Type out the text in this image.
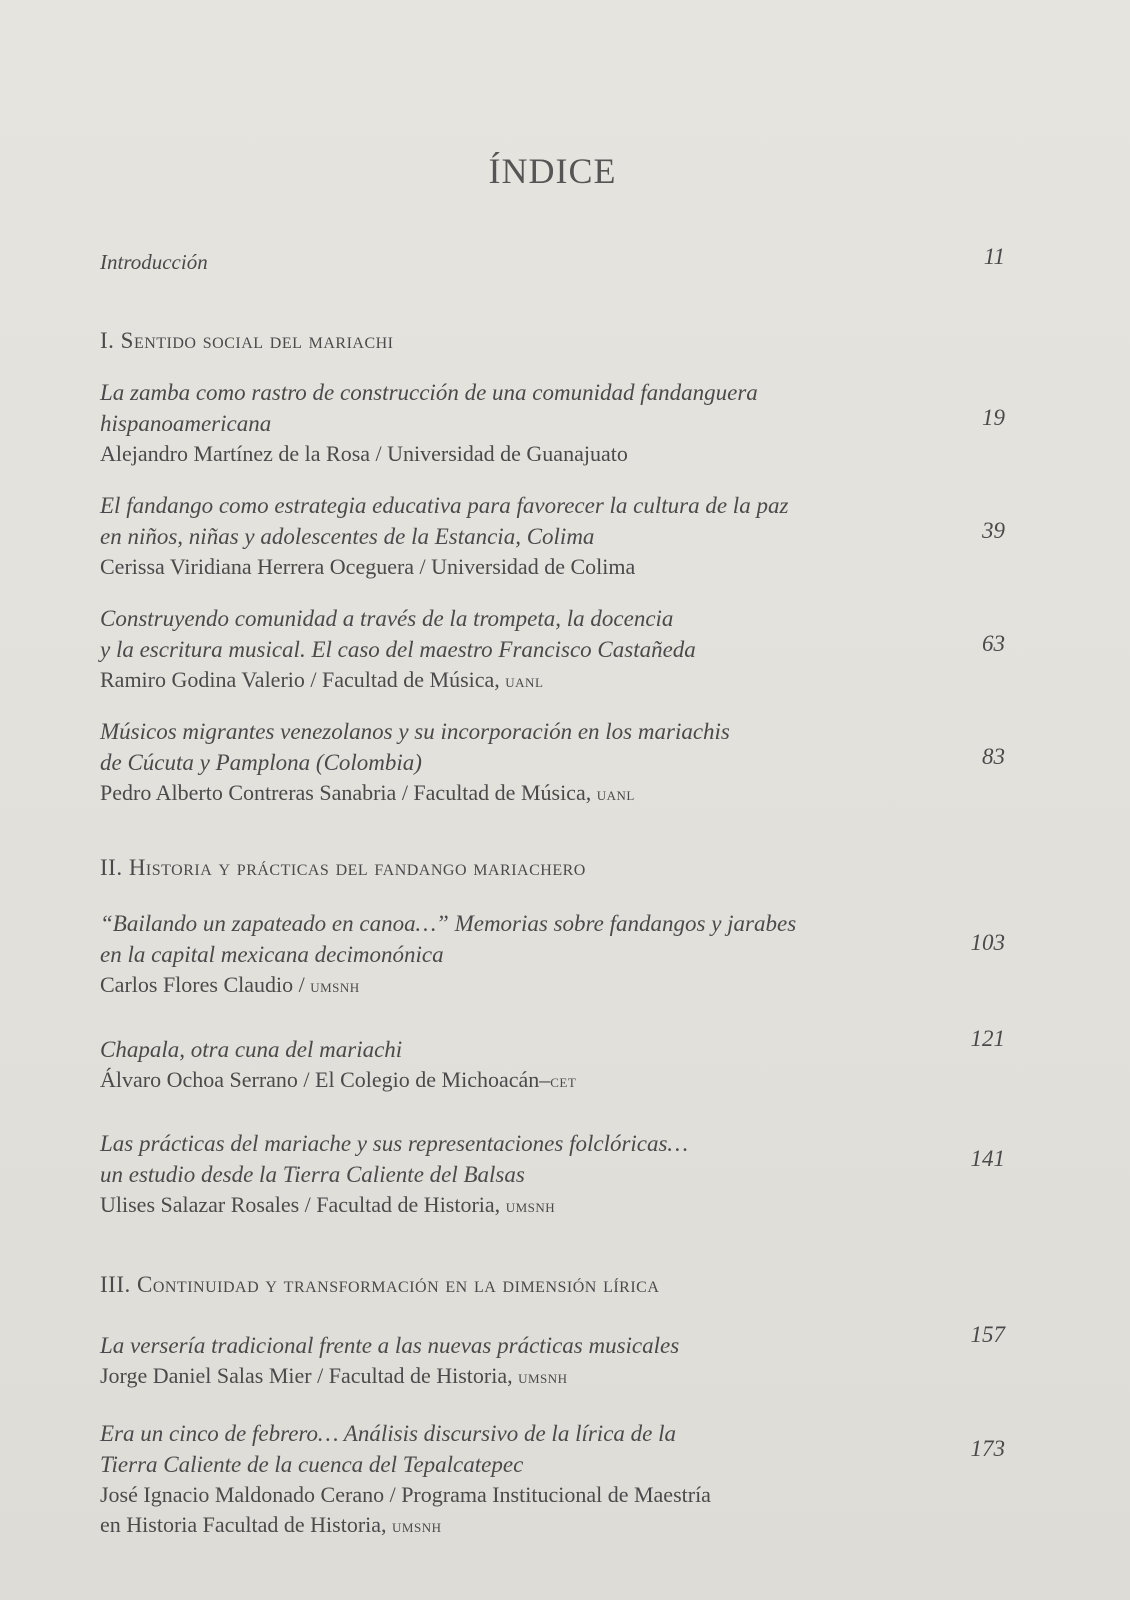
ÍNDICE
Introducción	11
I. Sentido social del mariachi

La zamba como rastro de construcción de una comunidad fandanguera

hispanoamericana

Alejandro Martínez de la Rosa / Universidad de Guanajuato

19

El fandango como estrategia educativa para favorecer la cultura de la paz

en niños, niñas y adolescentes de la Estancia, Colima

Cerissa Viridiana Herrera Oceguera / Universidad de Colima

39

Construyendo comunidad a través de la trompeta, la docencia

y la escritura musical. El caso del maestro Francisco Castañeda

Ramiro Godina Valerio / Facultad de Música, uanl

63

Músicos migrantes venezolanos y su incorporación en los mariachis

de Cúcuta y Pamplona (Colombia)

Pedro Alberto Contreras Sanabria / Facultad de Música, uanl

83
II. Historia y prácticas del fandango mariachero

“Bailando un zapateado en canoa…” Memorias sobre fandangos y jarabes

en la capital mexicana decimonónica

Carlos Flores Claudio / umsnh

103

Chapala, otra cuna del mariachi

Álvaro Ochoa Serrano / El Colegio de Michoacán–cet

121

Las prácticas del mariache y sus representaciones folclóricas…

un estudio desde la Tierra Caliente del Balsas

Ulises Salazar Rosales / Facultad de Historia, umsnh

141
III. Continuidad y transformación en la dimensión lírica

La versería tradicional frente a las nuevas prácticas musicales

Jorge Daniel Salas Mier / Facultad de Historia, umsnh

157

Era un cinco de febrero… Análisis discursivo de la lírica de la

Tierra Caliente de la cuenca del Tepalcatepec

José Ignacio Maldonado Cerano / Programa Institucional de Maestría

en Historia Facultad de Historia, umsnh

173
